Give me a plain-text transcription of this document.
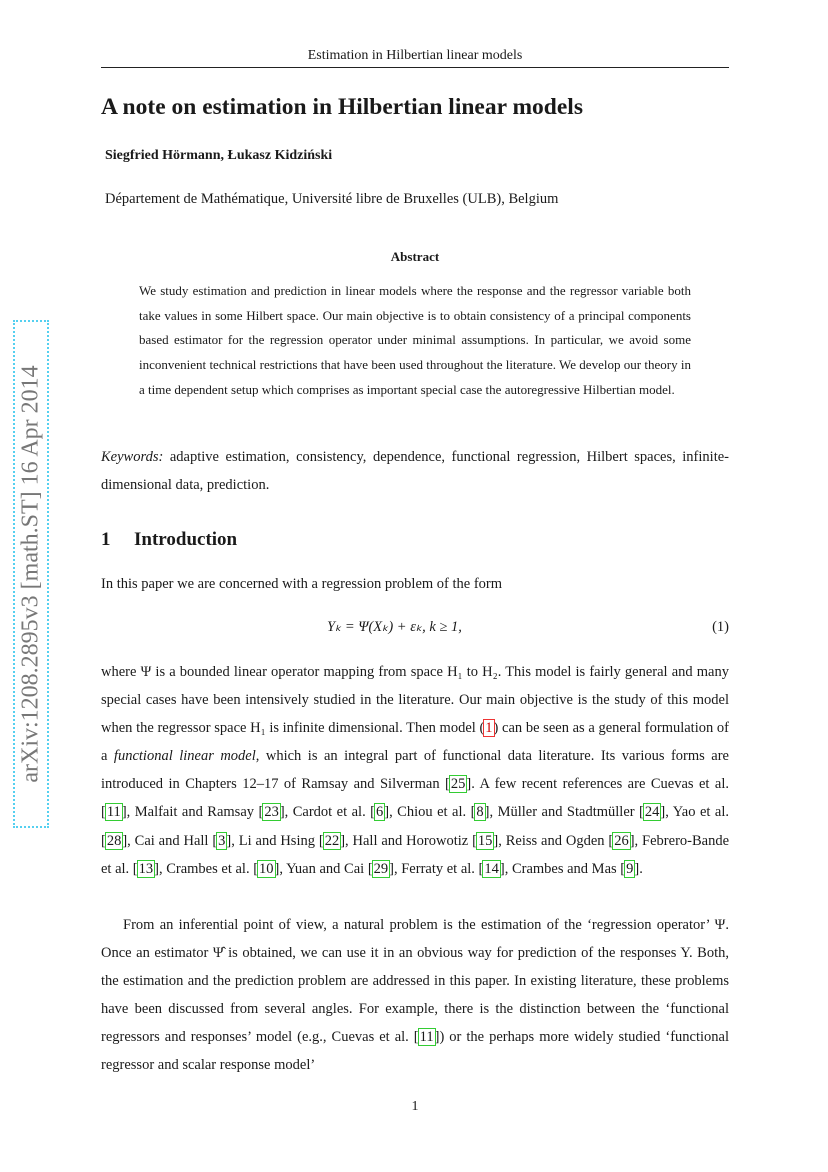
Estimation in Hilbertian linear models
A note on estimation in Hilbertian linear models
Siegfried Hörmann, Łukasz Kidziński
Département de Mathématique, Université libre de Bruxelles (ULB), Belgium
Abstract
We study estimation and prediction in linear models where the response and the regressor variable both take values in some Hilbert space. Our main objective is to obtain consistency of a principal components based estimator for the regression operator under minimal assumptions. In particular, we avoid some inconvenient technical restrictions that have been used throughout the literature. We develop our theory in a time dependent setup which comprises as important special case the autoregressive Hilbertian model.
Keywords: adaptive estimation, consistency, dependence, functional regression, Hilbert spaces, infinite-dimensional data, prediction.
1 Introduction
In this paper we are concerned with a regression problem of the form
Yₖ = Ψ(Xₖ) + εₖ, k ≥ 1,	(1)
where Ψ is a bounded linear operator mapping from space H₁ to H₂. This model is fairly general and many special cases have been intensively studied in the literature. Our main objective is the study of this model when the regressor space H₁ is infinite dimensional. Then model (1) can be seen as a general formulation of a functional linear model, which is an integral part of functional data literature. Its various forms are introduced in Chapters 12–17 of Ramsay and Silverman [25]. A few recent references are Cuevas et al. [11], Malfait and Ramsay [23], Cardot et al. [6], Chiou et al. [8], Müller and Stadtmüller [24], Yao et al. [28], Cai and Hall [3], Li and Hsing [22], Hall and Horowotiz [15], Reiss and Ogden [26], Febrero-Bande et al. [13], Crambes et al. [10], Yuan and Cai [29], Ferraty et al. [14], Crambes and Mas [9].
From an inferential point of view, a natural problem is the estimation of the ‘regression operator’ Ψ. Once an estimator Ψ̂ is obtained, we can use it in an obvious way for prediction of the responses Y. Both, the estimation and the prediction problem are addressed in this paper. In existing literature, these problems have been discussed from several angles. For example, there is the distinction between the ‘functional regressors and responses’ model (e.g., Cuevas et al. [11]) or the perhaps more widely studied ‘functional regressor and scalar response model’
1
arXiv:1208.2895v3 [math.ST] 16 Apr 2014
